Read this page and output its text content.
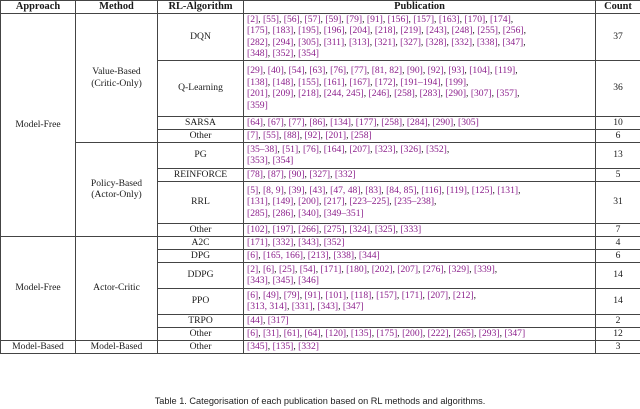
Approach	Method	RL-Algorithm	Publication	Count
Model-Free	Value-Based (Critic-Only)	DQN	[2], [55], [56], [57], [59], [79], [91], [156], [157], [163], [170], [174],
[175], [183], [195], [196], [204], [218], [219], [243], [248], [255], [256],
[282], [294], [305], [311], [313], [321], [327], [328], [332], [338], [347],
[348], [352], [354]	37
		Q-Learning	[29], [40], [54], [63], [76], [77], [81, 82], [90], [92], [93], [104], [119],
[138], [148], [155], [161], [167], [172], [191–194], [199],
[201], [209], [218], [244, 245], [246], [258], [283], [290], [307], [357],
[359]	36
		SARSA	[64], [67], [77], [86], [134], [177], [258], [284], [290], [305]	10
		Other	[7], [55], [88], [92], [201], [258]	6
	Policy-Based (Actor-Only)	PG	[35–38], [51], [76], [164], [207], [323], [326], [352],
[353], [354]	13
		REINFORCE	[78], [87], [90], [327], [332]	5
		RRL	[5], [8, 9], [39], [43], [47, 48], [83], [84, 85], [116], [119], [125], [131],
[131], [149], [200], [217], [223–225], [235–238],
[285], [286], [340], [349–351]	31
		Other	[102], [197], [266], [275], [324], [325], [333]	7
Model-Free	Actor-Critic	A2C	[171], [332], [343], [352]	4
		DPG	[6], [165, 166], [213], [338], [344]	6
		DDPG	[2], [6], [25], [54], [171], [180], [202], [207], [276], [329], [339],
[343], [345], [346]	14
		PPO	[6], [49], [79], [91], [101], [118], [157], [171], [207], [212],
[313, 314], [331], [343], [347]	14
		TRPO	[44], [317]	2
		Other	[6], [31], [61], [64], [120], [135], [175], [200], [222], [265], [293], [347]	12
Model-Based	Model-Based	Other	[345], [135], [332]	3
Table 1. Categorisation of each publication based on RL methods and algorithms.
